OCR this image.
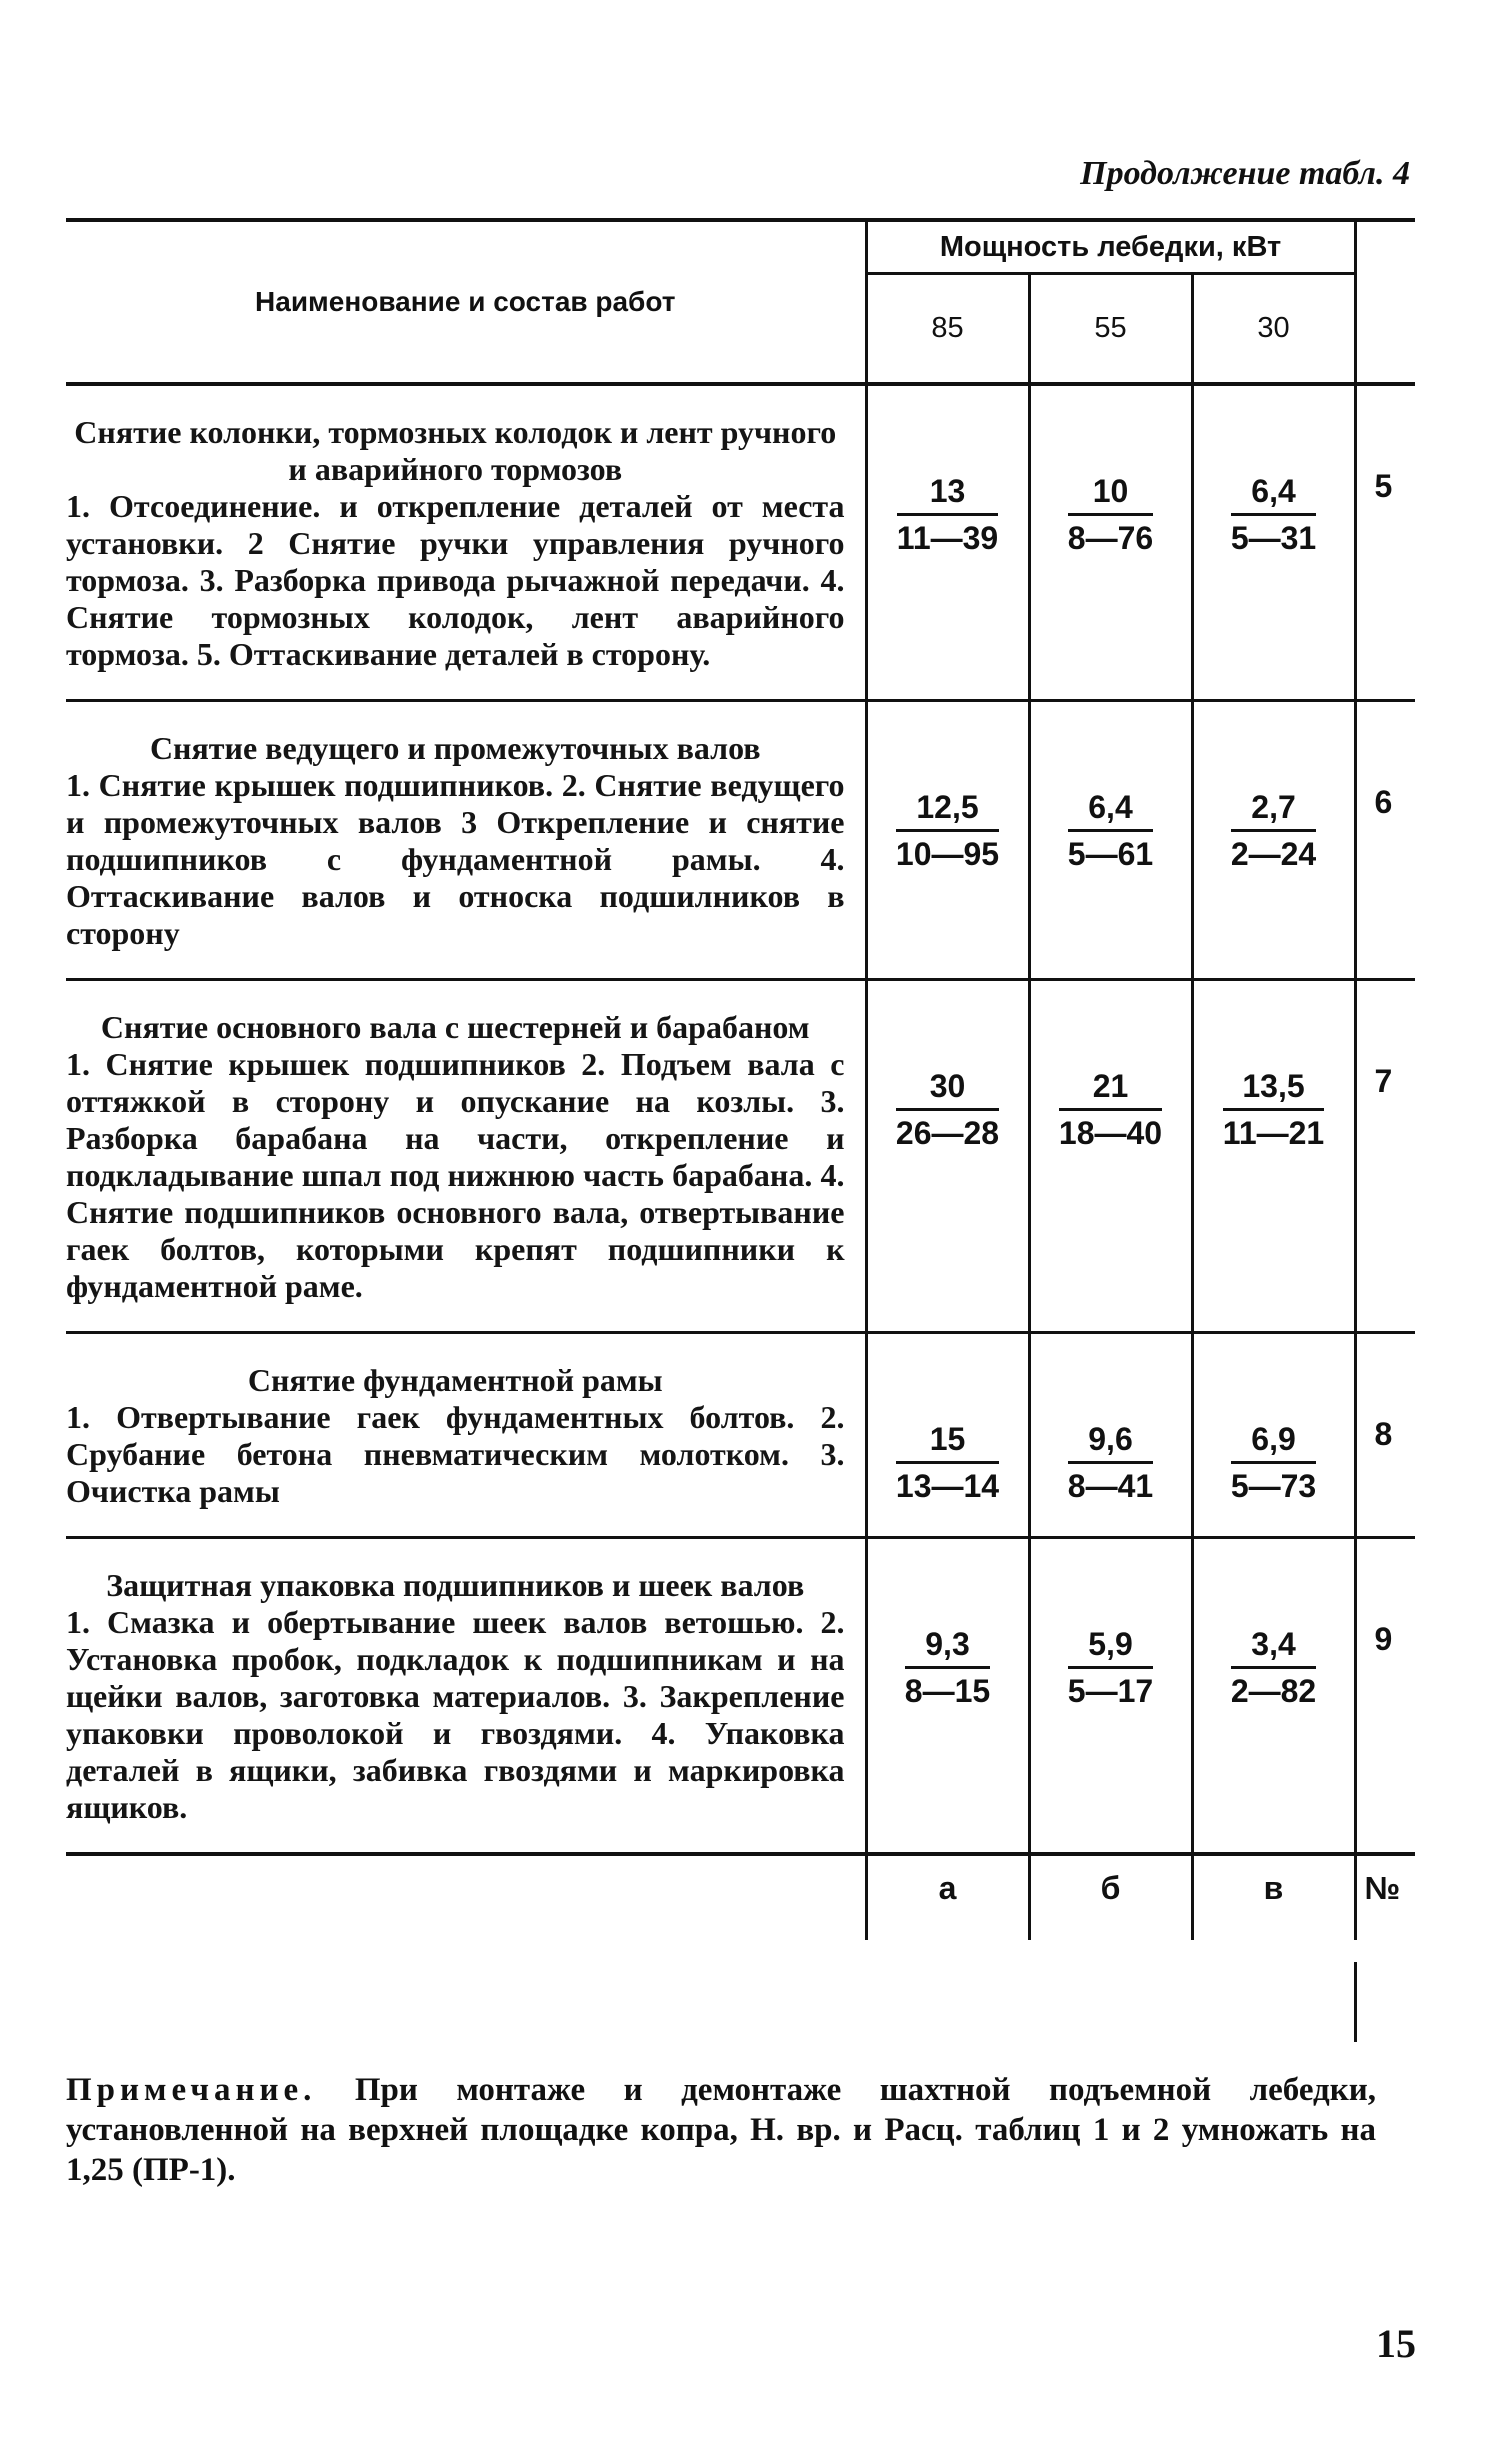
Продолжение табл. 4
Наименование и состав работ	Мощность лебедки, кВт			
	85	55	30	

Снятие колонки, тормозных колодок и лент ручного и аварийного тормозов
1. Отсоединение. и открепление деталей от места установки. 2 Снятие ручки управления ручного тормоза. 3. Разборка привода рычажной передачи. 4. Снятие тормозных колодок, лент аварийного тормоза. 5. Оттаскивание деталей в сторону.	$\frac{13}{11—39}$	$\frac{10}{8—76}$	$\frac{6,4}{5—31}$	5

Снятие ведущего и промежуточных валов
1. Снятие крышек подшипников. 2. Снятие ведущего и промежуточных валов 3 Открепление и снятие подшипников с фундаментной рамы. 4. Оттаскивание валов и относка подшилников в сторону	$\frac{12,5}{10—95}$	$\frac{6,4}{5—61}$	$\frac{2,7}{2—24}$	6

Снятие основного вала с шестерней и барабаном
1. Снятие крышек подшипников 2. Подъем вала с оттяжкой в сторону и опускание на козлы. 3. Разборка барабана на части, открепление и подкладывание шпал под нижнюю часть барабана. 4. Снятие подшипников основного вала, отвертывание гаек болтов, которыми крепят подшипники к фундаментной раме.	$\frac{30}{26—28}$	$\frac{21}{18—40}$	$\frac{13,5}{11—21}$	7

Снятие фундаментной рамы
1. Отвертывание гаек фундаментных болтов. 2. Срубание бетона пневматическим молотком. 3. Очистка рамы	$\frac{15}{13—14}$	$\frac{9,6}{8—41}$	$\frac{6,9}{5—73}$	8

Защитная упаковка подшипников и шеек валов
1. Смазка и обертывание шеек валов ветошью. 2. Установка пробок, подкладок к подшипникам и на щейки валов, заготовка материалов. 3. Закрепление упаковки проволокой и гвоздями. 4. Упаковка деталей в ящики, забивка гвоздями и маркировка ящиков.	$\frac{9,3}{8—15}$	$\frac{5,9}{5—17}$	$\frac{3,4}{2—82}$	9
	а	б	в	№
Примечание. При монтаже и демонтаже шахтной подъемной лебедки, установленной на верхней площадке копра, Н. вр. и Расц. таблиц 1 и 2 умножать на 1,25 (ПР-1).
15
